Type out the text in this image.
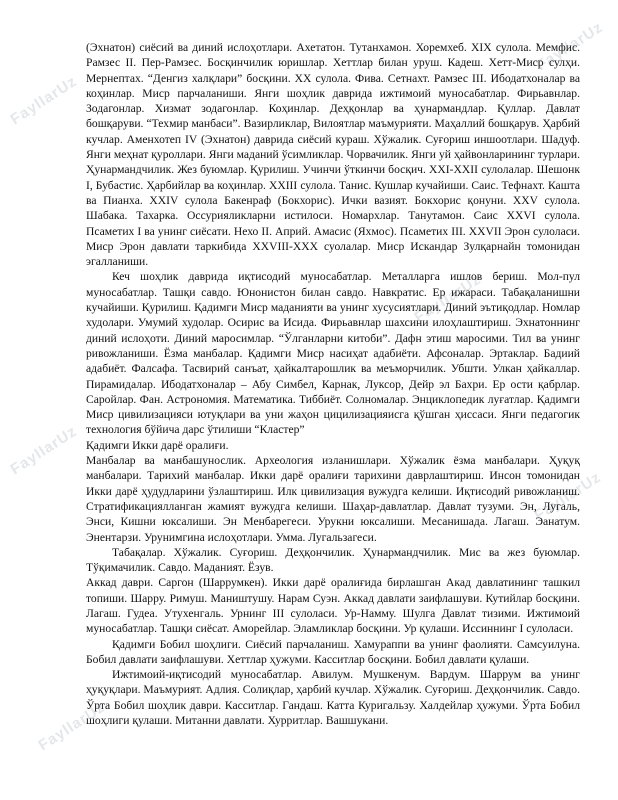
FayllarUz
FayllarUz
FayllarUz
FayllarUz
FayllarUz
FayllarUz

(Эхнатон) сиёсий ва диний ислоҳотлари. Ахетатон. Тутанхамон. Хоремхеб. XIX сулола. Мемфис. Рамзес II. Пер-Рамзес. Босқинчилик юришлар. Хеттлар билан уруш. Кадеш. Хетт-Миср сулҳи. Мернептах. “Денгиз халқлари” босқини. XX сулола. Фива. Сетнахт. Рамзес III. Ибодатхоналар ва коҳинлар. Миср парчаланиши. Янги шоҳлик даврида ижтимоий муносабатлар. Фирьавнлар. Зодагонлар. Хизмат зодагонлар. Коҳинлар. Деҳқонлар ва ҳунармандлар. Қуллар. Давлат бошқаруви. “Техмир манбаси”. Вазирликлар, Вилоятлар маъмурияти. Маҳаллий бошқарув. Ҳарбий кучлар. Аменхотеп IV (Эхнатон) даврида сиёсий кураш. Хўжалик. Суғориш иншоотлари. Шадуф. Янги меҳнат қуроллари. Янги маданий ўсимликлар. Чорвачилик. Янги уй ҳайвонларининг турлари. Ҳунармандчилик. Жез буюмлар. Қурилиш. Учинчи ўткинчи босқич. XXI-XXII сулолалар. Шешонк I, Бубастис. Ҳарбийлар ва коҳинлар. XXIII сулола. Танис. Кушлар кучайиши. Саис. Тефнахт. Кашта ва Пианха. XXIV сулола Бакенраф (Бокхорис). Ички вазият. Бокхорис қонуни. XXV сулола. Шабака. Тахарка. Оссурияликларни истилоси. Номархлар. Танутамон. Саис XXVI сулола. Псаметих I ва унинг сиёсати. Нехо II. Априй. Амасис (Яхмос). Псаметих III. XXVII Эрон сулоласи. Миср Эрон давлати таркибида XXVIII-XXX суолалар. Миср Искандар Зулқарнайн томонидан эгалланиши.

Кеч шоҳлик даврида иқтисодий муносабатлар. Металларга ишлов бериш. Мол-пул муносабатлар. Ташқи савдо. Юнонистон билан савдо. Навкратис. Ер ижараси. Табақаланишни кучайиши. Қурилиш. Қадимги Миср маданияти ва унинг хусусиятлари. Диний эътиқодлар. Номлар худолари. Умумий худолар. Осирис ва Исида. Фирьавнлар шахсини илоҳлаштириш. Эхнатоннинг диний ислоҳоти. Диний маросимлар. “Ўлганларни китоби”. Дафн этиш маросими. Тил ва унинг ривожланиши. Ёзма манбалар. Қадимги Миср насиҳат адабиёти. Афсоналар. Эртаклар. Бадиий адабиёт. Фалсафа. Тасвирий санъат, ҳайкалтарошлик ва меъморчилик. Убшти. Улкан ҳайкаллар. Пирамидалар. Ибодатхоналар – Абу Симбел, Карнак, Луксор, Дейр эл Бахри. Ер ости қабрлар. Саройлар. Фан. Астрономия. Математика. Тиббиёт. Солномалар. Энциклопедик луғатлар. Қадимги Миср цивилизацияси ютуқлари ва уни жаҳон цицилизацияисга қўшган ҳиссаси. Янги педагогик технология бўйича дарс ўтилиши “Кластер”

Қадимги Икки дарё оралиғи.

Манбалар ва манбашунослик. Археология изланишлари. Хўжалик ёзма манбалари. Ҳуқуқ манбалари. Тарихий манбалар. Икки дарё оралиғи тарихини даврлаштириш. Инсон томонидан Икки дарё ҳудудларини ўзлаштириш. Илк цивилизация вужудга келиши. Иқтисодий ривожланиш. Стратификациялланган жамият вужудга келиши. Шаҳар-давлатлар. Давлат тузуми. Эн, Лугаль, Энси, Кишни юксалиши. Эн Менбарегеси. Урукни юксалиши. Месанишада. Лагаш. Эанатум. Энентарзи. Урунимгина ислоҳотлари. Умма. Лугальзагеси.

Табақалар. Хўжалик. Суғориш. Деҳқончилик. Ҳунармандчилик. Мис ва жез буюмлар. Тўқимачилик. Савдо. Маданият. Ёзув.

Аккад даври. Саргон (Шаррумкен). Икки дарё оралиғида бирлашган Акад давлатининг ташкил топиши. Шарру. Римуш. Маништушу. Нарам Суэн. Аккад давлати заифлашуви. Кутийлар босқини. Лагаш. Гудеа. Утухенгаль. Урнинг III сулоласи. Ур-Намму. Шулга Давлат тизими. Ижтимоий муносабатлар. Ташқи сиёсат. Аморейлар. Эламликлар босқини. Ур қулаши. Иссиннинг I сулоласи.

Қадимги Бобил шоҳлиги. Сиёсий парчаланиш. Хамураппи ва унинг фаолияти. Самсуилуна. Бобил давлати заифлашуви. Хеттлар ҳужуми. Касситлар босқини. Бобил давлати қулаши.

Ижтимоий-иқтисодий муносабатлар. Авилум. Мушкенум. Вардум. Шаррум ва унинг ҳуқуқлари. Маъмурият. Адлия. Солиқлар, ҳарбий кучлар. Хўжалик. Суғориш. Деҳқончилик. Савдо. Ўрта Бобил шоҳлик даври. Касситлар. Гандаш. Катта Куригальзу. Халдейлар ҳужуми. Ўрта Бобил шоҳлиги қулаши. Митанни давлати. Хурритлар. Вашшукани.
